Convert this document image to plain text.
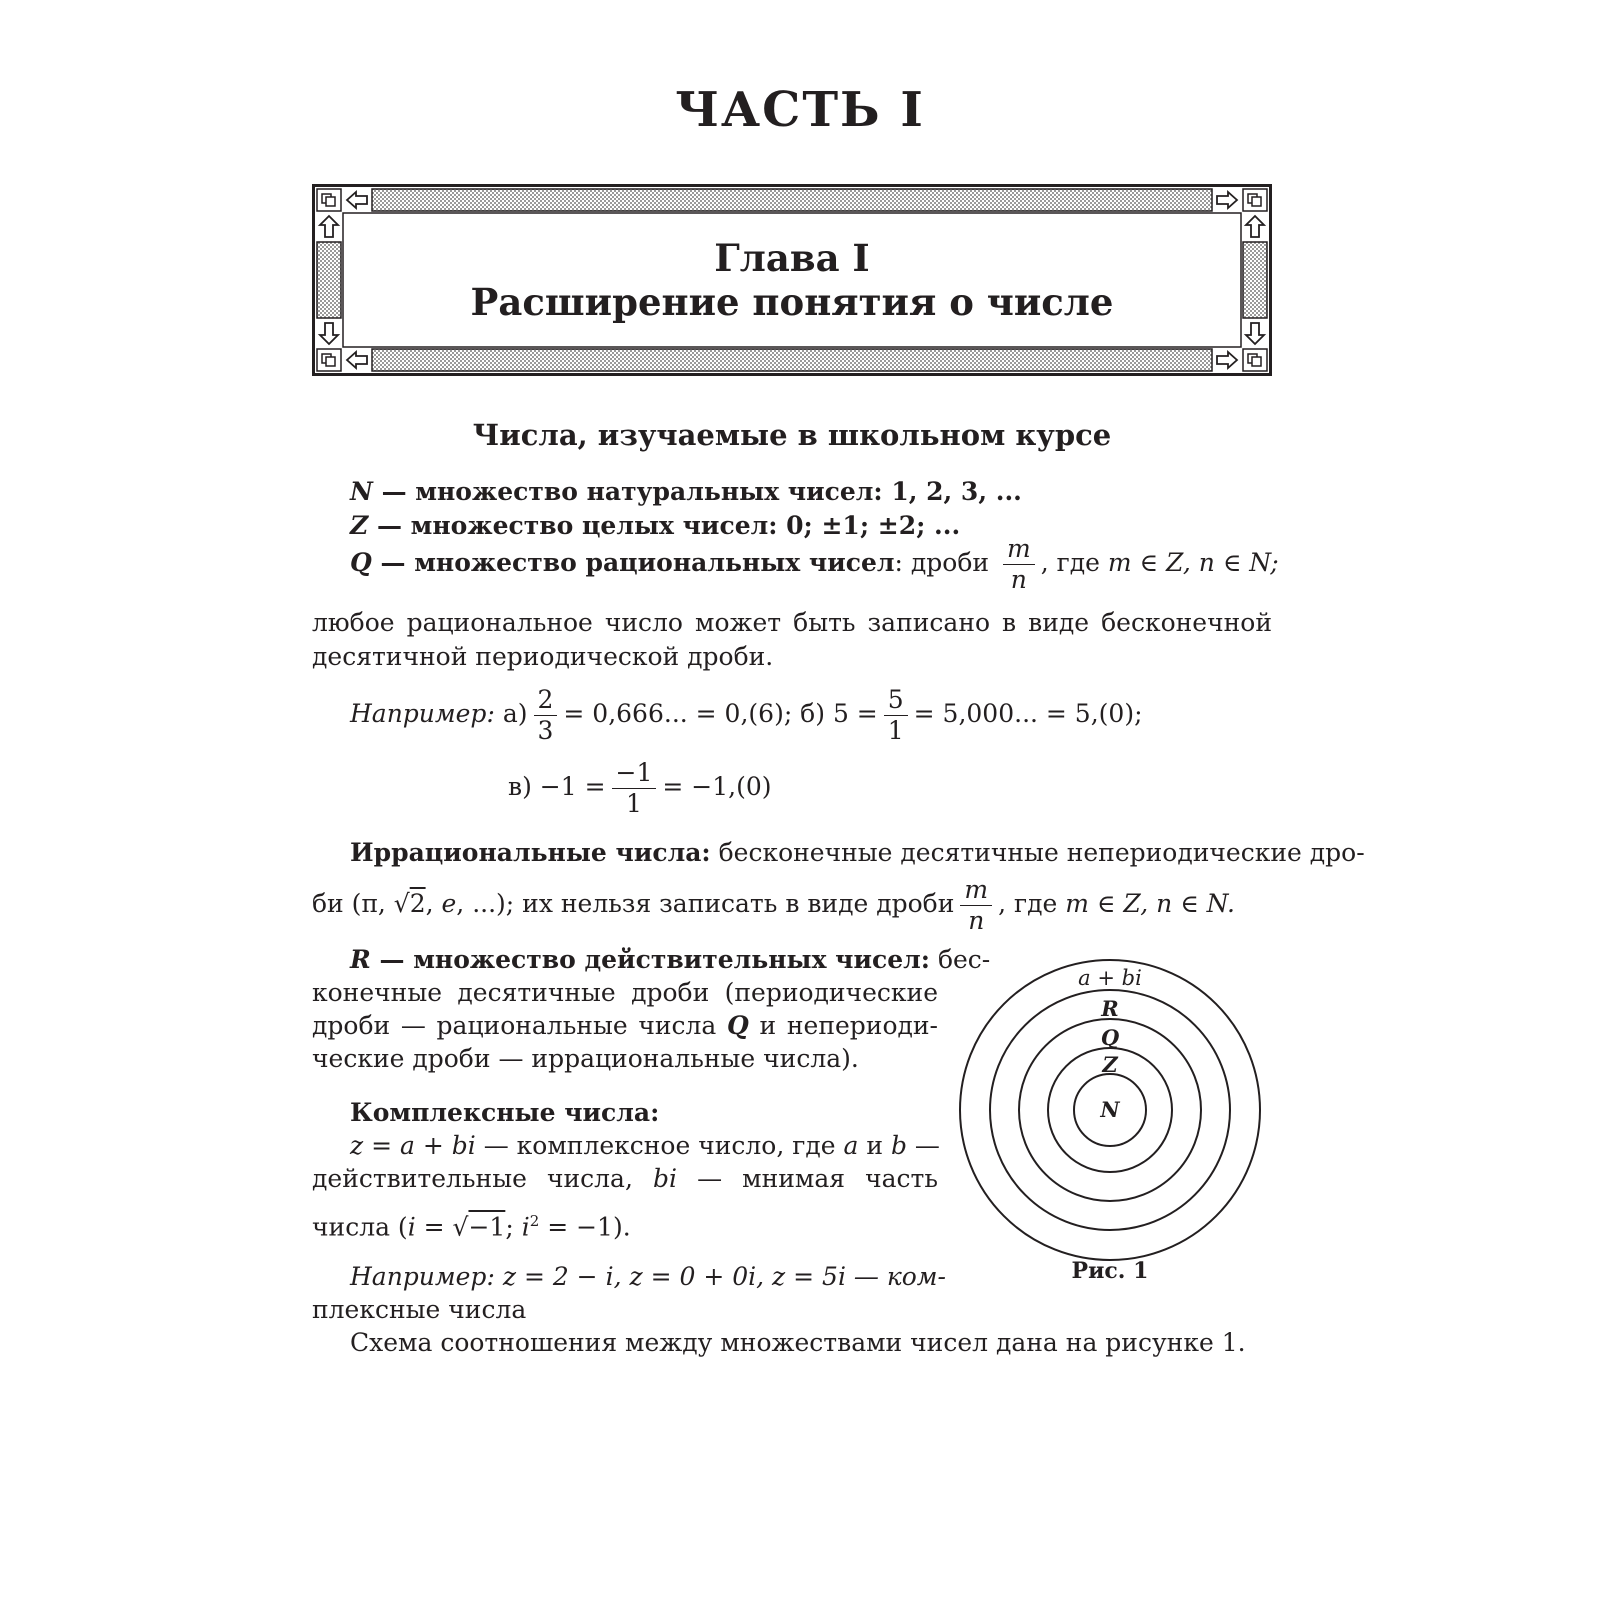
ЧАСТЬ I
Глава I
Расширение понятия о числе
Числа, изучаемые в школьном курсе
N — множество натуральных чисел: 1, 2, 3, ...
Z — множество целых чисел: 0; ±1; ±2; ...
Q — множество рациональных чисел: дроби $\frac{m}{n}$ , где m ∈ Z, n ∈ N;
любое рациональное число может быть записано в виде бесконечной
десятичной периодической дроби.
Например: $а) \frac{2}{3} = 0,666$... = 0,(6); б) $5 = \frac{5}{1} = 5,000$... = 5,(0);
$в) -1 = \frac{-1}{1} = -1,(0)$
Иррациональные числа: бесконечные десятичные непериодические дро-
би (π, √2, e, ...); их нельзя записать в виде дроби $\frac{m}{n}$ , где m ∈ Z, n ∈ N.
R — множество действительных чисел: бес-
конечные десятичные дроби (периодические
дроби — рациональные числа Q и непериоди-
ческие дроби — иррациональные числа).
Комплексные числа:
z = a + bi — комплексное число, где a и b —
действительные числа, bi — мнимая часть
числа (i = √−1; $i^2 = -1$).
Например: z = 2 − i, z = 0 + 0i, z = 5i — ком-
плексные числа
Схема соотношения между множествами чисел дана на рисунке 1.
a + bi
R
Q
Z
N
Рис. 1
